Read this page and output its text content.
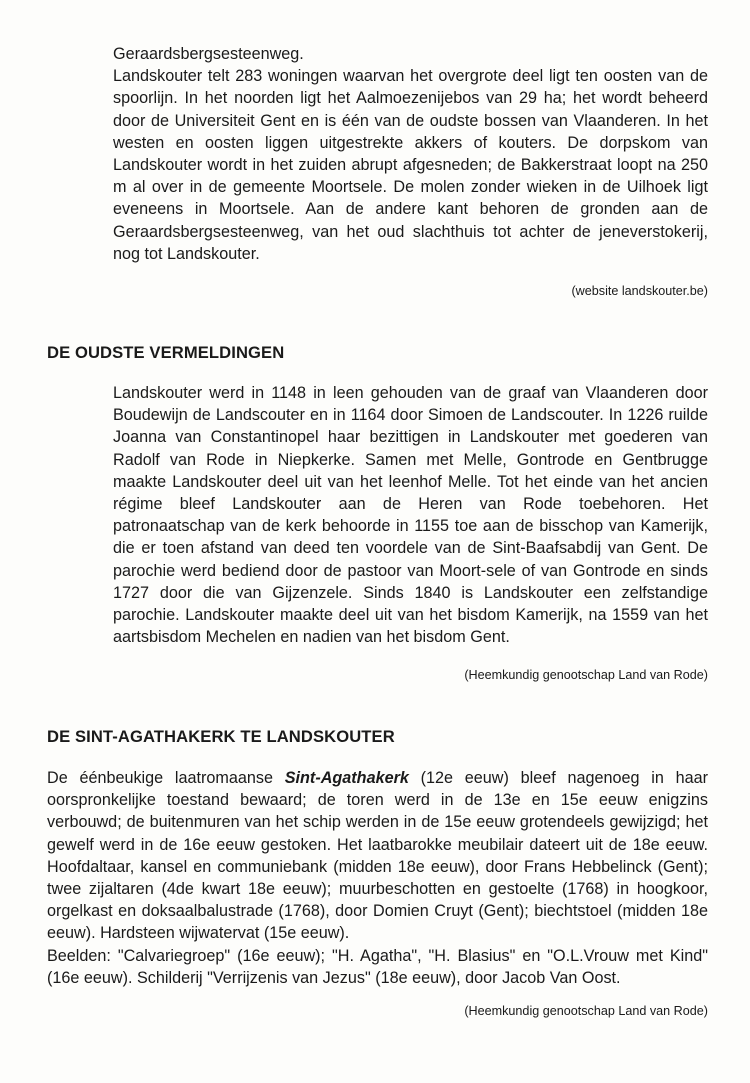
Geraardsbergsesteenweg.
Landskouter telt 283 woningen waarvan het overgrote deel ligt ten oosten van de spoorlijn. In het noorden ligt het Aalmoezenijebos van 29 ha; het wordt beheerd door de Universiteit Gent en is één van de oudste bossen van Vlaanderen. In het westen en oosten liggen uitgestrekte akkers of kouters. De dorpskom van Landskouter wordt in het zuiden abrupt afgesneden; de Bakkerstraat loopt na 250 m al over in de gemeente Moortsele. De molen zonder wieken in de Uilhoek ligt eveneens in Moortsele. Aan de andere kant behoren de gronden aan de Geraardsbergsesteenweg, van het oud slachthuis tot achter de jeneverstokerij, nog tot Landskouter.

(website landskouter.be)

DE OUDSTE VERMELDINGEN

Landskouter werd in 1148 in leen gehouden van de graaf van Vlaanderen door Boudewijn de Landscouter en in 1164 door Simoen de Landscouter. In 1226 ruilde Joanna van Constantinopel haar bezittigen in Landskouter met goederen van Radolf van Rode in Niepkerke. Samen met Melle, Gontrode en Gentbrugge maakte Landskouter deel uit van het leenhof Melle. Tot het einde van het ancien régime bleef Landskouter aan de Heren van Rode toebehoren. Het patronaatschap van de kerk behoorde in 1155 toe aan de bisschop van Kamerijk, die er toen afstand van deed ten voordele van de Sint-Baafsabdij van Gent. De parochie werd bediend door de pastoor van Moort-sele of van Gontrode en sinds 1727 door die van Gijzenzele. Sinds 1840 is Landskouter een zelfstandige parochie. Landskouter maakte deel uit van het bisdom Kamerijk, na 1559 van het aartsbisdom Mechelen en nadien van het bisdom Gent.

(Heemkundig genootschap Land van Rode)

DE SINT-AGATHAKERK TE LANDSKOUTER

De éénbeukige laatromaanse Sint-Agathakerk (12e eeuw) bleef nagenoeg in haar oorspronkelijke toestand bewaard; de toren werd in de 13e en 15e eeuw enigzins verbouwd; de buitenmuren van het schip werden in de 15e eeuw grotendeels gewijzigd; het gewelf werd in de 16e eeuw gestoken. Het laatbarokke meubilair dateert uit de 18e eeuw. Hoofdaltaar, kansel en communiebank (midden 18e eeuw), door Frans Hebbelinck (Gent); twee zijaltaren (4de kwart 18e eeuw); muurbeschotten en gestoelte (1768) in hoogkoor, orgelkast en doksaalbalustrade (1768), door Domien Cruyt (Gent); biechtstoel (midden 18e eeuw). Hardsteen wijwatervat (15e eeuw).
Beelden: "Calvariegroep" (16e eeuw); "H. Agatha", "H. Blasius" en "O.L.Vrouw met Kind" (16e eeuw). Schilderij "Verrijzenis van Jezus" (18e eeuw), door Jacob Van Oost.

(Heemkundig genootschap Land van Rode)
